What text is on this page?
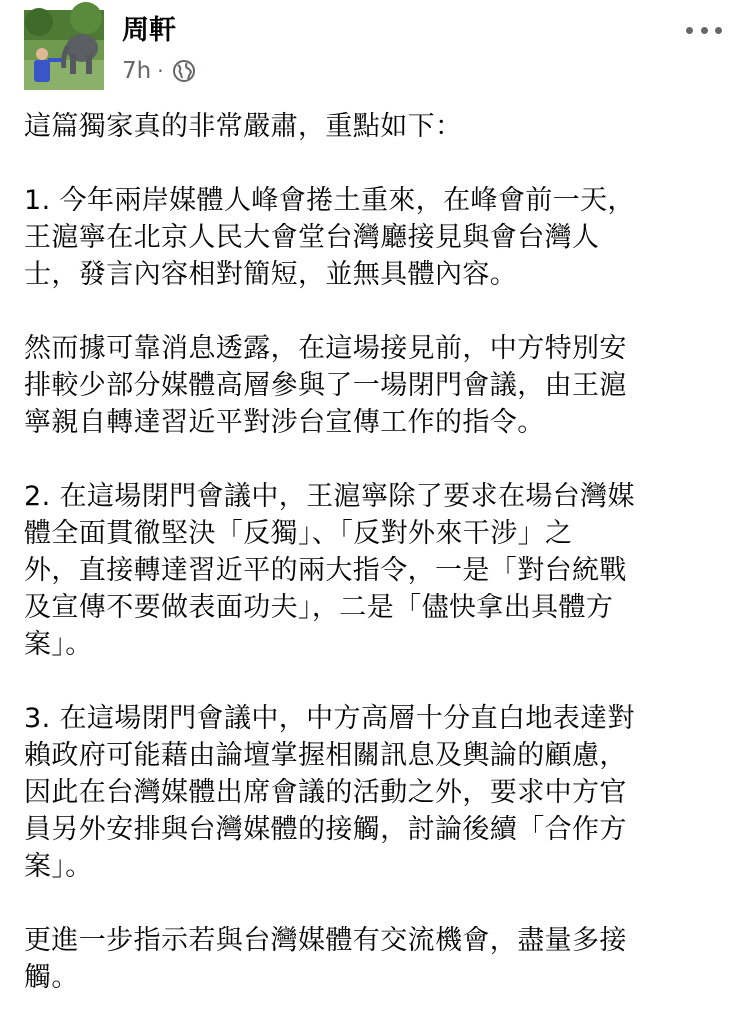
周軒
7h ·

這篇獨家真的非常嚴肅，重點如下：

1. 今年兩岸媒體人峰會捲土重來，在峰會前一天，
王滬寧在北京人民大會堂台灣廳接見與會台灣人
士，發言內容相對簡短，並無具體內容。

然而據可靠消息透露，在這場接見前，中方特別安
排較少部分媒體高層參與了一場閉門會議，由王滬
寧親自轉達習近平對涉台宣傳工作的指令。

2. 在這場閉門會議中，王滬寧除了要求在場台灣媒
體全面貫徹堅決「反獨」、「反對外來干涉」之
外，直接轉達習近平的兩大指令，一是「對台統戰
及宣傳不要做表面功夫」，二是「儘快拿出具體方
案」。

3. 在這場閉門會議中，中方高層十分直白地表達對
賴政府可能藉由論壇掌握相關訊息及輿論的顧慮，
因此在台灣媒體出席會議的活動之外，要求中方官
員另外安排與台灣媒體的接觸，討論後續「合作方
案」。

更進一步指示若與台灣媒體有交流機會，盡量多接
觸。
